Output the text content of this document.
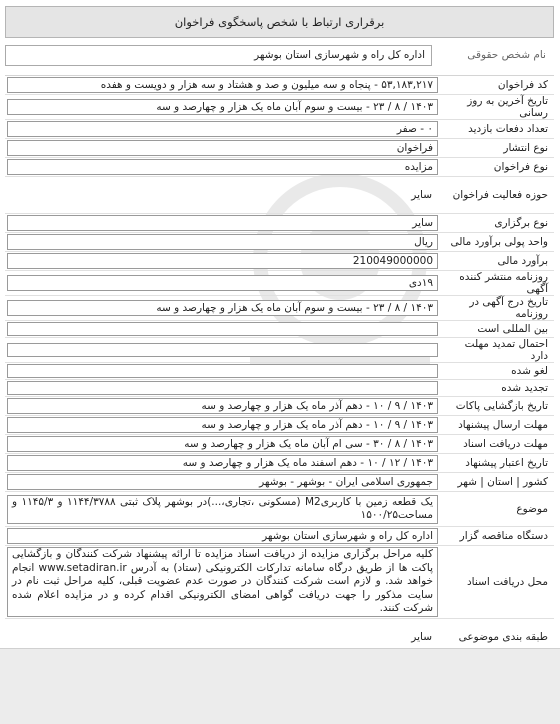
برقراری ارتباط با شخص پاسخگوی فراخوان
نام شخص حقوقی
اداره کل راه و شهرسازی استان بوشهر
کد فراخوان
۵۳,۱۸۳,۲۱۷ - پنجاه و سه میلیون و صد و هشتاد و سه هزار و دویست و هفده
تاریخ آخرین به روز رسانی
۱۴۰۳ / ۸ / ۲۳ - بیست و سوم آبان ماه یک هزار و چهارصد و سه
تعداد دفعات بازدید
۰ - صفر
نوع انتشار
فراخوان
نوع فراخوان
مزایده
حوزه فعالیت فراخوان
سایر
نوع برگزاری
سایر
واحد پولی برآورد مالی
ریال
برآورد مالی
210049000000
روزنامه منتشر کننده آگهی
۱۹دی
تاریخ درج آگهی در روزنامه
۱۴۰۳ / ۸ / ۲۳ - بیست و سوم آبان ماه یک هزار و چهارصد و سه
بین المللی است
احتمال تمدید مهلت دارد
لغو شده
تجدید شده
تاریخ بازگشایی پاکات
۱۴۰۳ / ۹ / ۱۰ - دهم آذر ماه یک هزار و چهارصد و سه
مهلت ارسال پیشنهاد
۱۴۰۳ / ۹ / ۱۰ - دهم آذر ماه یک هزار و چهارصد و سه
مهلت دریافت اسناد
۱۴۰۳ / ۸ / ۳۰ - سی ام آبان ماه یک هزار و چهارصد و سه
تاریخ اعتبار پیشنهاد
۱۴۰۳ / ۱۲ / ۱۰ - دهم اسفند ماه یک هزار و چهارصد و سه
کشور | استان | شهر
جمهوری اسلامی ایران - بوشهر - بوشهر
موضوع
یک قطعه زمین با کاربریM2 (مسکونی ،تجاری،...)در بوشهر پلاک ثبتی ۱۱۴۴/۳۷۸۸ و ۱۱۴۵/۳ و مساحت۱۵۰۰/۲۵
دستگاه مناقصه گزار
اداره کل راه و شهرسازی استان بوشهر
محل دریافت اسناد
کلیه مراحل برگزاری مزایده از دریافت اسناد مزایده تا ارائه پیشنهاد شرکت کنندگان و بازگشایی پاکت ها از طریق درگاه سامانه تدارکات الکترونیکی (ستاد) به آدرس www.setadiran.ir انجام خواهد شد. و لازم است شرکت کنندگان در صورت عدم عضویت قبلی، کلیه مراحل ثبت نام در سایت مذکور را جهت دریافت گواهی امضای الکترونیکی اقدام کرده و در مزایده اعلام شده شرکت کنند.
طبقه بندی موضوعی
سایر
